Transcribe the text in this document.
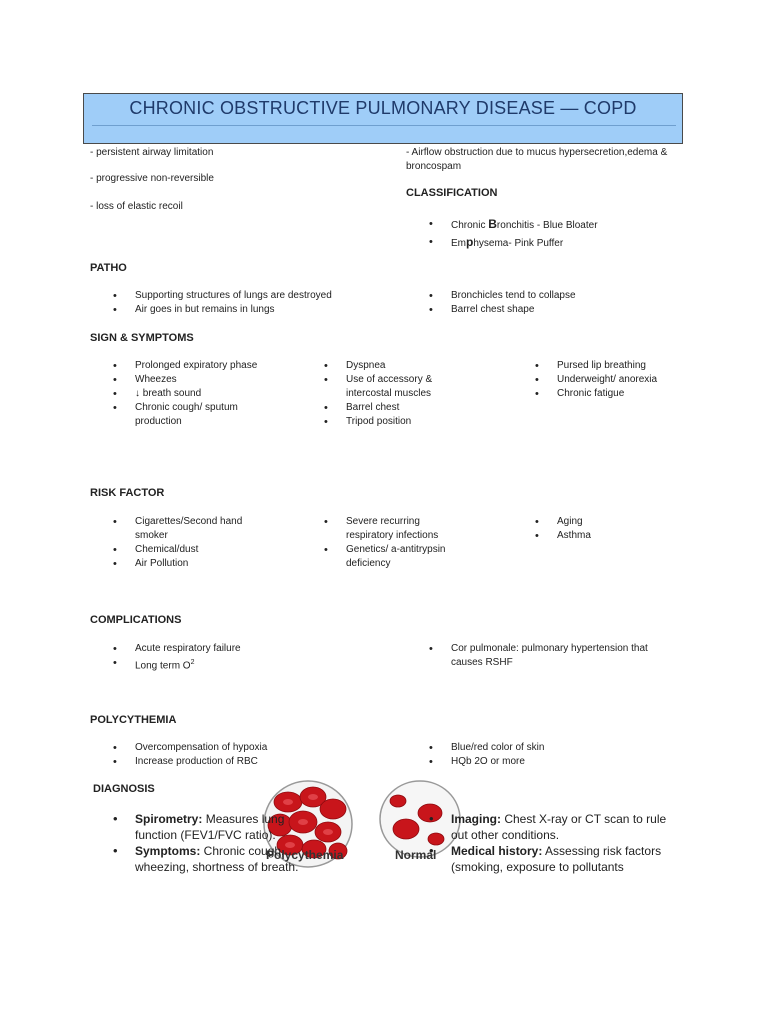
CHRONIC OBSTRUCTIVE PULMONARY DISEASE — COPD
- persistent airway limitation
- progressive non-reversible
- loss of elastic recoil
- Airflow obstruction due to mucus hypersecretion,edema & broncospam
CLASSIFICATION
• Chronic Bronchitis - Blue Bloater
• Emphysema- Pink Puffer
PATHO
• Supporting structures of lungs are destroyed
• Air goes in but remains in lungs
• Bronchicles tend to collapse
• Barrel chest shape
SIGN & SYMPTOMS
• Prolonged expiratory phase
• Wheezes
• ↓ breath sound
• Chronic cough/ sputum production
• Dyspnea
• Use of accessory & intercostal muscles
• Barrel chest
• Tripod position
• Pursed lip breathing
• Underweight/ anorexia
• Chronic fatigue
RISK FACTOR
• Cigarettes/Second hand smoker
• Chemical/dust
• Air Pollution
• Severe recurring respiratory infections
• Genetics/ a-antitrypsin deficiency
• Aging
• Asthma
COMPLICATIONS
• Acute respiratory failure
• Long term $O^2$
• Cor pulmonale: pulmonary hypertension that causes RSHF
POLYCYTHEMIA
• Overcompensation of hypoxia
• Increase production of RBC
• Blue/red color of skin
• HQb 2O or more
Polycythemia	Normal
DIAGNOSIS
• Spirometry: Measures lung function (FEV1/FVC ratio).
• Symptoms: Chronic cough, wheezing, shortness of breath.
• Imaging: Chest X-ray or CT scan to rule out other conditions.
• Medical history: Assessing risk factors (smoking, exposure to pollutants
